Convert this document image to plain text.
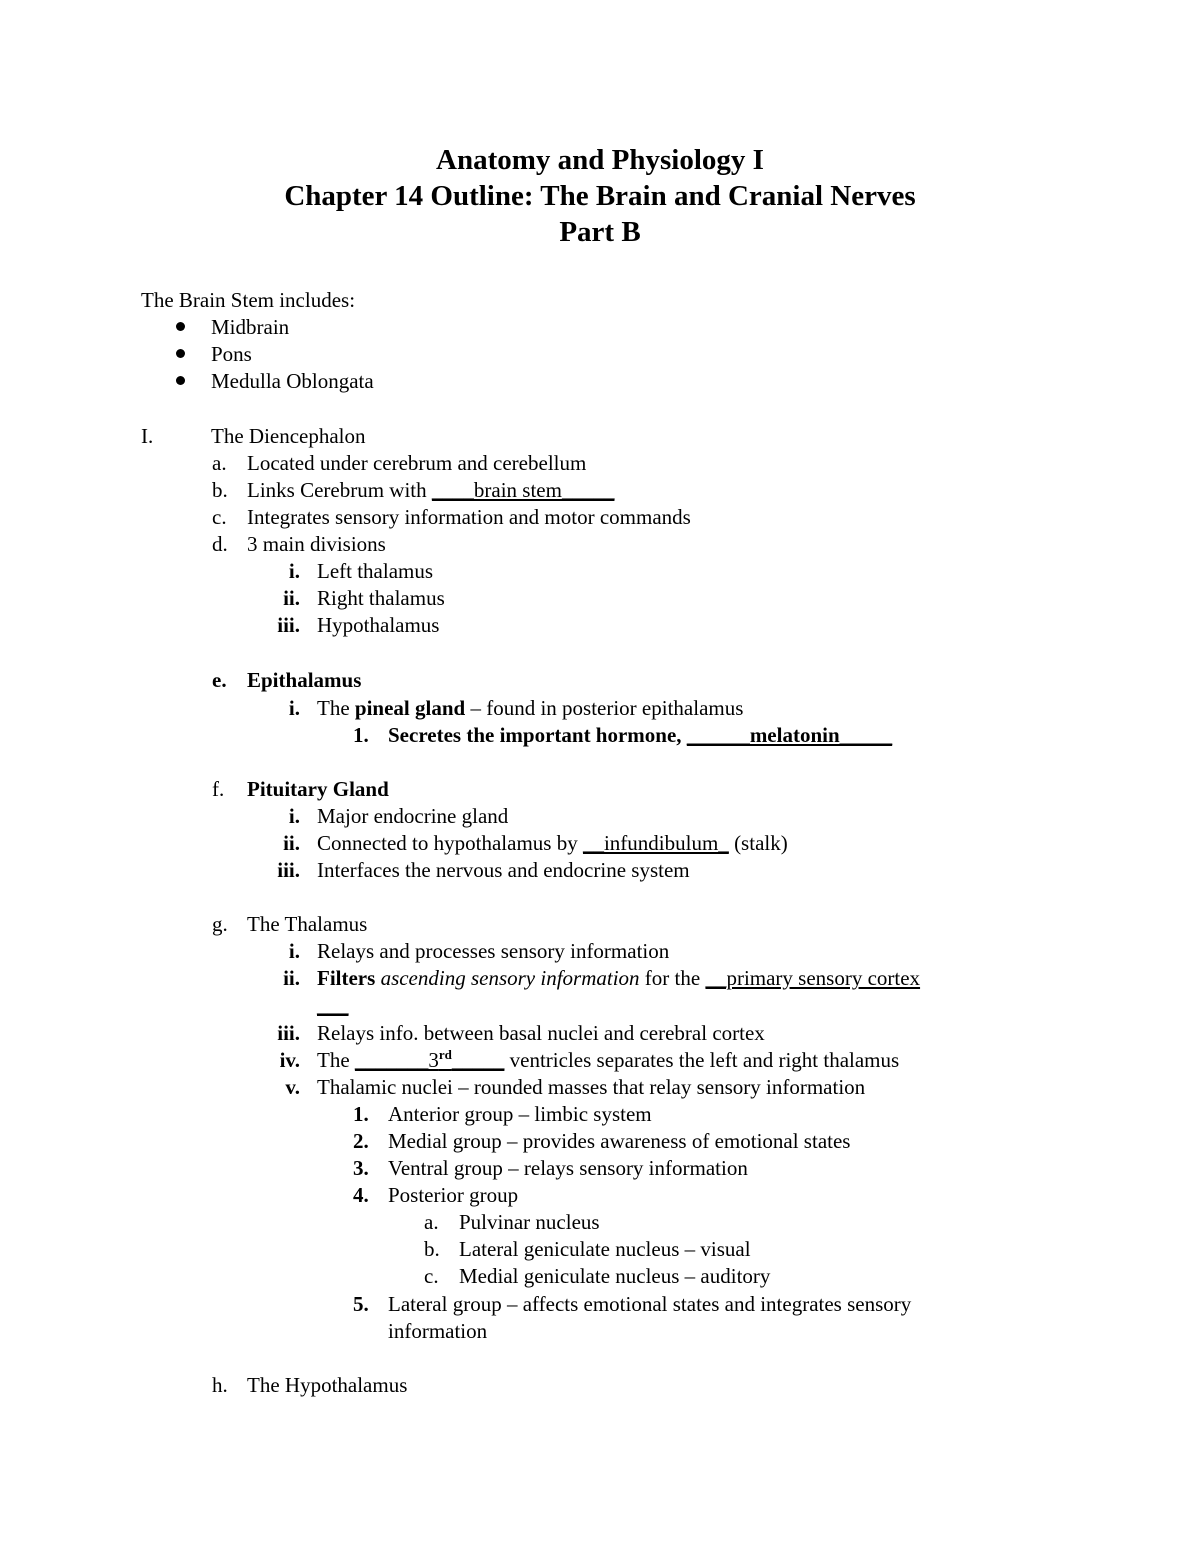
Anatomy and Physiology I
Chapter 14 Outline: The Brain and Cranial Nerves
Part B
The Brain Stem includes:
Midbrain
Pons
Medulla Oblongata
I.	The Diencephalon
a. Located under cerebrum and cerebellum
b. Links Cerebrum with ____brain stem_____
c. Integrates sensory information and motor commands
d. 3 main divisions
i. Left thalamus
ii. Right thalamus
iii. Hypothalamus
e. Epithalamus
i. The pineal gland – found in posterior epithalamus
1. Secretes the important hormone, ______melatonin_____
f. Pituitary Gland
i. Major endocrine gland
ii. Connected to hypothalamus by __infundibulum_ (stalk)
iii. Interfaces the nervous and endocrine system
g. The Thalamus
i. Relays and processes sensory information
ii. Filters ascending sensory information for the __primary sensory cortex
___
iii. Relays info. between basal nuclei and cerebral cortex
iv. The _______3rd_____ ventricles separates the left and right thalamus
v. Thalamic nuclei – rounded masses that relay sensory information
1. Anterior group – limbic system
2. Medial group – provides awareness of emotional states
3. Ventral group – relays sensory information
4. Posterior group
a. Pulvinar nucleus
b. Lateral geniculate nucleus – visual
c. Medial geniculate nucleus – auditory
5. Lateral group – affects emotional states and integrates sensory
information
h. The Hypothalamus
